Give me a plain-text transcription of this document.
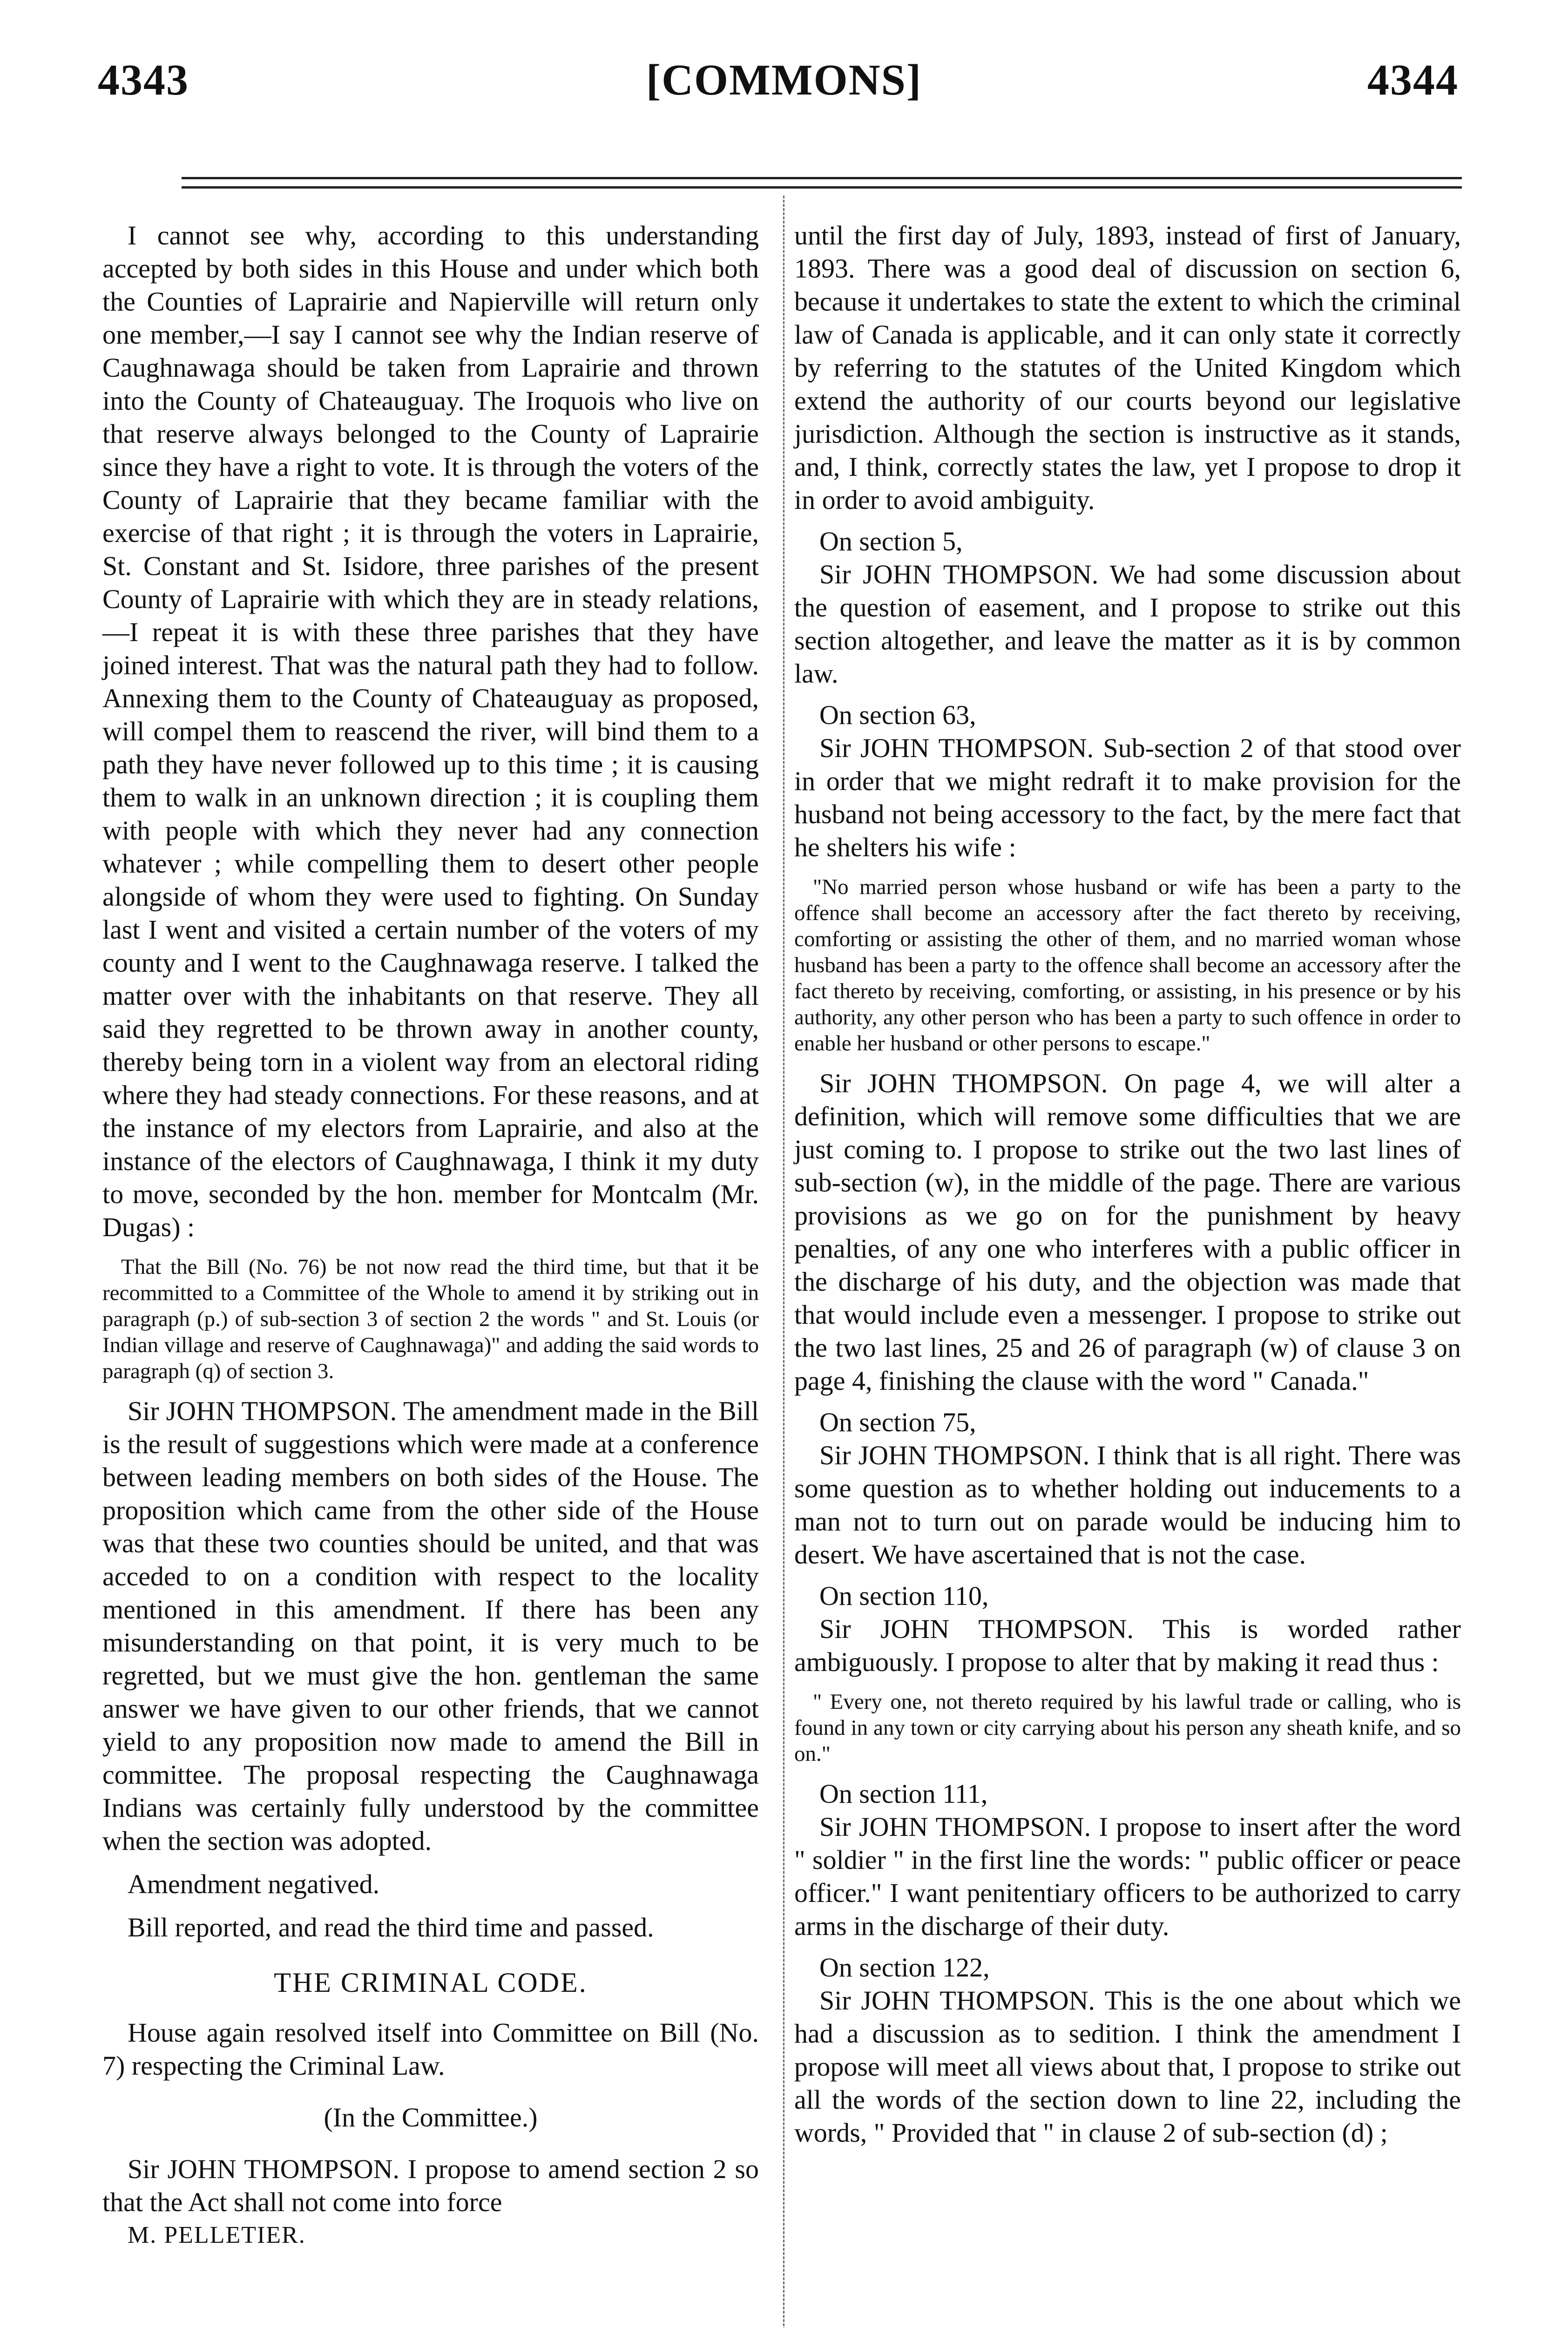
4343	[COMMONS]	4344

I cannot see why, according to this understanding accepted by both sides in this House and under which both the Counties of Laprairie and Napierville will return only one member,—I say I cannot see why the Indian reserve of Caughnawaga should be taken from Laprairie and thrown into the County of Chateauguay. The Iroquois who live on that reserve always belonged to the County of Laprairie since they have a right to vote. It is through the voters of the County of Laprairie that they became familiar with the exercise of that right ; it is through the voters in Laprairie, St. Constant and St. Isidore, three parishes of the present County of Laprairie with which they are in steady relations,—I repeat it is with these three parishes that they have joined interest. That was the natural path they had to follow. Annexing them to the County of Chateauguay as proposed, will compel them to reascend the river, will bind them to a path they have never followed up to this time ; it is causing them to walk in an unknown direction ; it is coupling them with people with which they never had any connection whatever ; while compelling them to desert other people alongside of whom they were used to fighting. On Sunday last I went and visited a certain number of the voters of my county and I went to the Caughnawaga reserve. I talked the matter over with the inhabitants on that reserve. They all said they regretted to be thrown away in another county, thereby being torn in a violent way from an electoral riding where they had steady connections. For these reasons, and at the instance of my electors from Laprairie, and also at the instance of the electors of Caughnawaga, I think it my duty to move, seconded by the hon. member for Montcalm (Mr. Dugas) :

That the Bill (No. 76) be not now read the third time, but that it be recommitted to a Committee of the Whole to amend it by striking out in paragraph (p.) of sub-section 3 of section 2 the words " and St. Louis (or Indian village and reserve of Caughnawaga)" and adding the said words to paragraph (q) of section 3.

Sir JOHN THOMPSON. The amendment made in the Bill is the result of suggestions which were made at a conference between leading members on both sides of the House. The proposition which came from the other side of the House was that these two counties should be united, and that was acceded to on a condition with respect to the locality mentioned in this amendment. If there has been any misunderstanding on that point, it is very much to be regretted, but we must give the hon. gentleman the same answer we have given to our other friends, that we cannot yield to any proposition now made to amend the Bill in committee. The proposal respecting the Caughnawaga Indians was certainly fully understood by the committee when the section was adopted.

Amendment negatived.

Bill reported, and read the third time and passed.

THE CRIMINAL CODE.

House again resolved itself into Committee on Bill (No. 7) respecting the Criminal Law.

(In the Committee.)

Sir JOHN THOMPSON. I propose to amend section 2 so that the Act shall not come into force

M. PELLETIER.

until the first day of July, 1893, instead of first of January, 1893. There was a good deal of discussion on section 6, because it undertakes to state the extent to which the criminal law of Canada is applicable, and it can only state it correctly by referring to the statutes of the United Kingdom which extend the authority of our courts beyond our legislative jurisdiction. Although the section is instructive as it stands, and, I think, correctly states the law, yet I propose to drop it in order to avoid ambiguity.

On section 5,

Sir JOHN THOMPSON. We had some discussion about the question of easement, and I propose to strike out this section altogether, and leave the matter as it is by common law.

On section 63,

Sir JOHN THOMPSON. Sub-section 2 of that stood over in order that we might redraft it to make provision for the husband not being accessory to the fact, by the mere fact that he shelters his wife :

"No married person whose husband or wife has been a party to the offence shall become an accessory after the fact thereto by receiving, comforting or assisting the other of them, and no married woman whose husband has been a party to the offence shall become an accessory after the fact thereto by receiving, comforting, or assisting, in his presence or by his authority, any other person who has been a party to such offence in order to enable her husband or other persons to escape."

Sir JOHN THOMPSON. On page 4, we will alter a definition, which will remove some difficulties that we are just coming to. I propose to strike out the two last lines of sub-section (w), in the middle of the page. There are various provisions as we go on for the punishment by heavy penalties, of any one who interferes with a public officer in the discharge of his duty, and the objection was made that that would include even a messenger. I propose to strike out the two last lines, 25 and 26 of paragraph (w) of clause 3 on page 4, finishing the clause with the word " Canada."

On section 75,

Sir JOHN THOMPSON. I think that is all right. There was some question as to whether holding out inducements to a man not to turn out on parade would be inducing him to desert. We have ascertained that is not the case.

On section 110,

Sir JOHN THOMPSON. This is worded rather ambiguously. I propose to alter that by making it read thus :

" Every one, not thereto required by his lawful trade or calling, who is found in any town or city carrying about his person any sheath knife, and so on."

On section 111,

Sir JOHN THOMPSON. I propose to insert after the word " soldier " in the first line the words: " public officer or peace officer." I want penitentiary officers to be authorized to carry arms in the discharge of their duty.

On section 122,

Sir JOHN THOMPSON. This is the one about which we had a discussion as to sedition. I think the amendment I propose will meet all views about that, I propose to strike out all the words of the section down to line 22, including the words, " Provided that " in clause 2 of sub-section (d) ;
